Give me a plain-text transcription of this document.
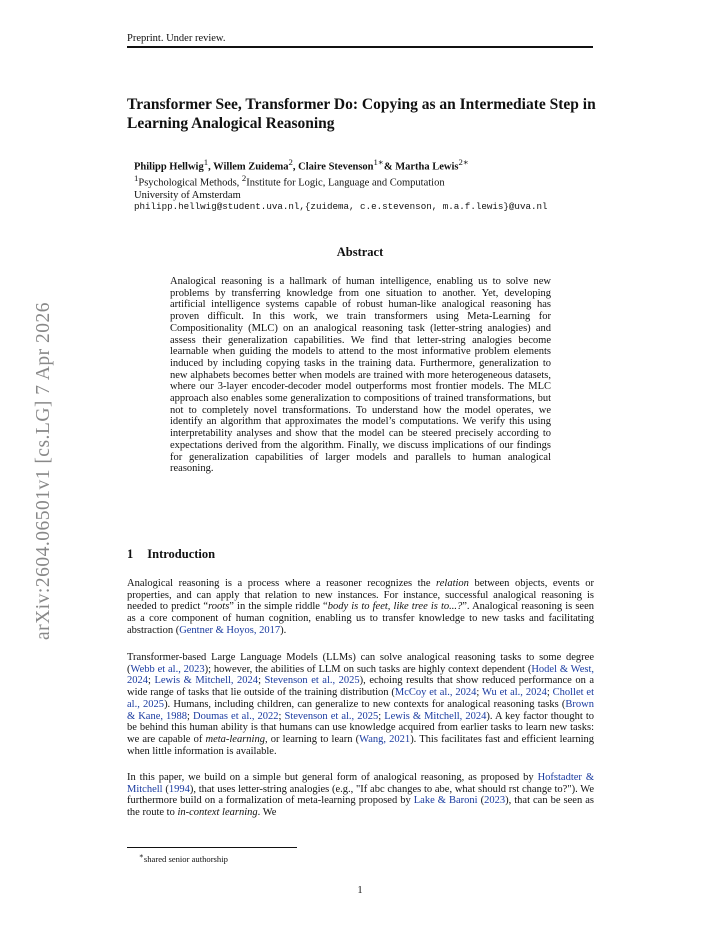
Preprint. Under review.
arXiv:2604.06501v1 [cs.LG] 7 Apr 2026
Transformer See, Transformer Do: Copying as an Intermediate Step in Learning Analogical Reasoning
Philipp Hellwig$^1$, Willem Zuidema$^2$, Claire Stevenson$^{1∗}$& Martha Lewis$^{2∗}$
$^1$Psychological Methods, $^2$Institute for Logic, Language and Computation
University of Amsterdam
philipp.hellwig@student.uva.nl,{zuidema, c.e.stevenson, m.a.f.lewis}@uva.nl
Abstract
Analogical reasoning is a hallmark of human intelligence, enabling us to solve new problems by transferring knowledge from one situation to another. Yet, developing artificial intelligence systems capable of robust human-like analogical reasoning has proven difficult. In this work, we train transformers using Meta-Learning for Compositionality (MLC) on an analogical reasoning task (letter-string analogies) and assess their generalization capabilities. We find that letter-string analogies become learnable when guiding the models to attend to the most informative problem elements induced by including copying tasks in the training data. Furthermore, generalization to new alphabets becomes better when models are trained with more heterogeneous datasets, where our 3-layer encoder-decoder model outperforms most frontier models. The MLC approach also enables some generalization to compositions of trained transformations, but not to completely novel transformations. To understand how the model operates, we identify an algorithm that approximates the model’s computations. We verify this using interpretability analyses and show that the model can be steered precisely according to expectations derived from the algorithm. Finally, we discuss implications of our findings for generalization capabilities of larger models and parallels to human analogical reasoning.
1 Introduction
Analogical reasoning is a process where a reasoner recognizes the relation between objects, events or properties, and can apply that relation to new instances. For instance, successful analogical reasoning is needed to predict “roots” in the simple riddle “body is to feet, like tree is to...?”. Analogical reasoning is seen as a core component of human cognition, enabling us to transfer knowledge to new tasks and facilitating abstraction (Gentner & Hoyos, 2017).
Transformer-based Large Language Models (LLMs) can solve analogical reasoning tasks to some degree (Webb et al., 2023); however, the abilities of LLM on such tasks are highly context dependent (Hodel & West, 2024; Lewis & Mitchell, 2024; Stevenson et al., 2025), echoing results that show reduced performance on a wide range of tasks that lie outside of the training distribution (McCoy et al., 2024; Wu et al., 2024; Chollet et al., 2025). Humans, including children, can generalize to new contexts for analogical reasoning tasks (Brown & Kane, 1988; Doumas et al., 2022; Stevenson et al., 2025; Lewis & Mitchell, 2024). A key factor thought to be behind this human ability is that humans can use knowledge acquired from earlier tasks to learn new tasks: we are capable of meta-learning, or learning to learn (Wang, 2021). This facilitates fast and efficient learning when little information is available.
In this paper, we build on a simple but general form of analogical reasoning, as proposed by Hofstadter & Mitchell (1994), that uses letter-string analogies (e.g., "If abc changes to abe, what should rst change to?"). We furthermore build on a formalization of meta-learning proposed by Lake & Baroni (2023), that can be seen as the route to in-context learning. We
∗shared senior authorship
1
